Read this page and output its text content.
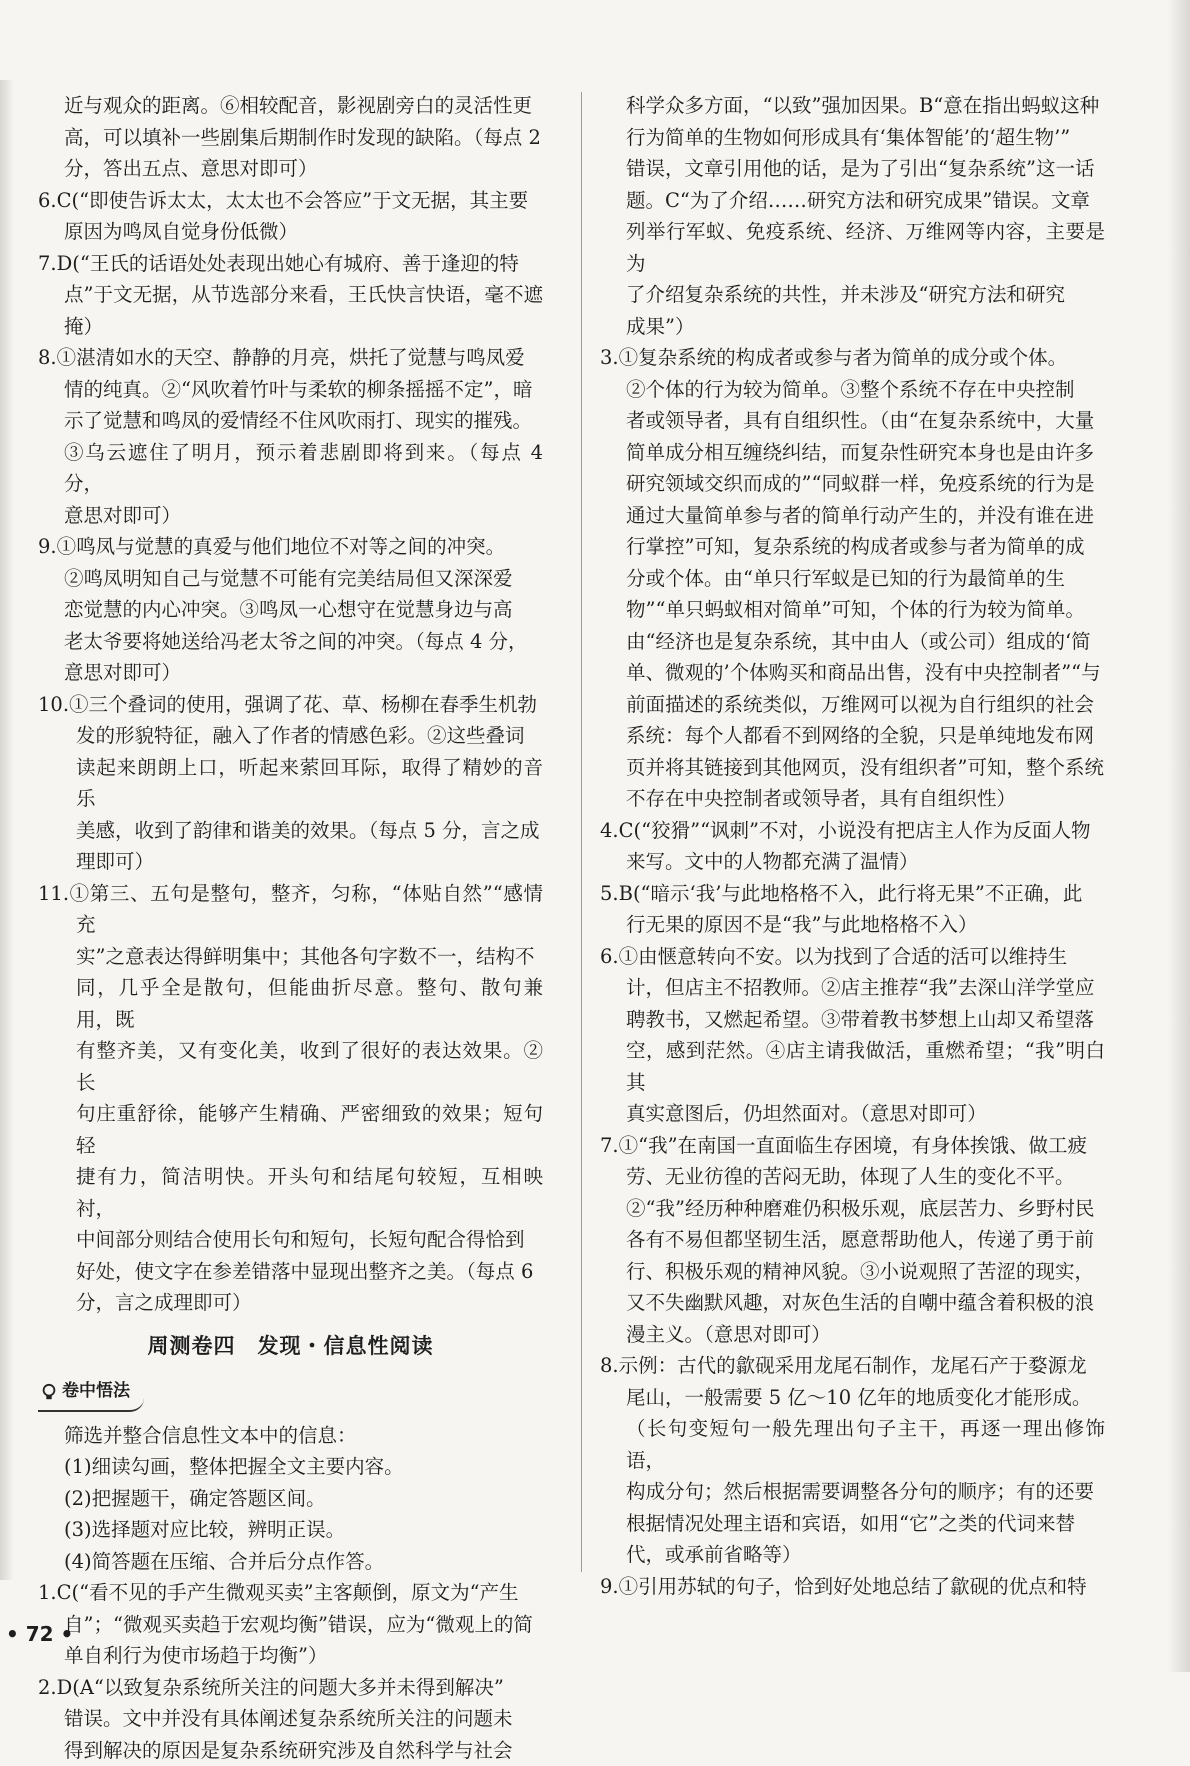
近与观众的距离。⑥相较配音，影视剧旁白的灵活性更

高，可以填补一些剧集后期制作时发现的缺陷。（每点 2

分，答出五点、意思对即可）

6.C(“即使告诉太太，太太也不会答应”于文无据，其主要

原因为鸣凤自觉身份低微）

7.D(“王氏的话语处处表现出她心有城府、善于逢迎的特

点”于文无据，从节选部分来看，王氏快言快语，毫不遮掩）

8.①湛清如水的天空、静静的月亮，烘托了觉慧与鸣凤爱

情的纯真。②“风吹着竹叶与柔软的柳条摇摇不定”，暗

示了觉慧和鸣凤的爱情经不住风吹雨打、现实的摧残。

③乌云遮住了明月，预示着悲剧即将到来。（每点 4 分，

意思对即可）

9.①鸣凤与觉慧的真爱与他们地位不对等之间的冲突。

②鸣凤明知自己与觉慧不可能有完美结局但又深深爱

恋觉慧的内心冲突。③鸣凤一心想守在觉慧身边与高

老太爷要将她送给冯老太爷之间的冲突。（每点 4 分，

意思对即可）

10.①三个叠词的使用，强调了花、草、杨柳在春季生机勃

发的形貌特征，融入了作者的情感色彩。②这些叠词

读起来朗朗上口，听起来萦回耳际，取得了精妙的音乐

美感，收到了韵律和谐美的效果。（每点 5 分，言之成

理即可）

11.①第三、五句是整句，整齐，匀称，“体贴自然”“感情充

实”之意表达得鲜明集中；其他各句字数不一，结构不

同，几乎全是散句，但能曲折尽意。整句、散句兼用，既

有整齐美，又有变化美，收到了很好的表达效果。②长

句庄重舒徐，能够产生精确、严密细致的效果；短句轻

捷有力，简洁明快。开头句和结尾句较短，互相映衬，

中间部分则结合使用长句和短句，长短句配合得恰到

好处，使文字在参差错落中显现出整齐之美。（每点 6

分，言之成理即可）

周测卷四　发现・信息性阅读
卷中悟法

筛选并整合信息性文本中的信息：

(1)细读勾画，整体把握全文主要内容。

(2)把握题干，确定答题区间。

(3)选择题对应比较，辨明正误。

(4)简答题在压缩、合并后分点作答。

1.C(“看不见的手产生微观买卖”主客颠倒，原文为“产生

自”；“微观买卖趋于宏观均衡”错误，应为“微观上的简

单自利行为使市场趋于均衡”）

2.D(A“以致复杂系统所关注的问题大多并未得到解决”

错误。文中并没有具体阐述复杂系统所关注的问题未

得到解决的原因是复杂系统研究涉及自然科学与社会

科学众多方面，“以致”强加因果。B“意在指出蚂蚁这种

行为简单的生物如何形成具有‘集体智能’的‘超生物’”

错误，文章引用他的话，是为了引出“复杂系统”这一话

题。C“为了介绍……研究方法和研究成果”错误。文章

列举行军蚁、免疫系统、经济、万维网等内容，主要是为

了介绍复杂系统的共性，并未涉及“研究方法和研究

成果”）

3.①复杂系统的构成者或参与者为简单的成分或个体。

②个体的行为较为简单。③整个系统不存在中央控制

者或领导者，具有自组织性。（由“在复杂系统中，大量

简单成分相互缠绕纠结，而复杂性研究本身也是由许多

研究领域交织而成的”“同蚁群一样，免疫系统的行为是

通过大量简单参与者的简单行动产生的，并没有谁在进

行掌控”可知，复杂系统的构成者或参与者为简单的成

分或个体。由“单只行军蚁是已知的行为最简单的生

物”“单只蚂蚁相对简单”可知，个体的行为较为简单。

由“经济也是复杂系统，其中由人（或公司）组成的‘简

单、微观的’个体购买和商品出售，没有中央控制者”“与

前面描述的系统类似，万维网可以视为自行组织的社会

系统：每个人都看不到网络的全貌，只是单纯地发布网

页并将其链接到其他网页，没有组织者”可知，整个系统

不存在中央控制者或领导者，具有自组织性）

4.C(“狡猾”“讽刺”不对，小说没有把店主人作为反面人物

来写。文中的人物都充满了温情）

5.B(“暗示‘我’与此地格格不入，此行将无果”不正确，此

行无果的原因不是“我”与此地格格不入）

6.①由惬意转向不安。以为找到了合适的活可以维持生

计，但店主不招教师。②店主推荐“我”去深山洋学堂应

聘教书，又燃起希望。③带着教书梦想上山却又希望落

空，感到茫然。④店主请我做活，重燃希望；“我”明白其

真实意图后，仍坦然面对。（意思对即可）

7.①“我”在南国一直面临生存困境，有身体挨饿、做工疲

劳、无业彷徨的苦闷无助，体现了人生的变化不平。

②“我”经历种种磨难仍积极乐观，底层苦力、乡野村民

各有不易但都坚韧生活，愿意帮助他人，传递了勇于前

行、积极乐观的精神风貌。③小说观照了苦涩的现实，

又不失幽默风趣，对灰色生活的自嘲中蕴含着积极的浪

漫主义。（意思对即可）

8.示例：古代的歙砚采用龙尾石制作，龙尾石产于婺源龙

尾山，一般需要 5 亿～10 亿年的地质变化才能形成。

（长句变短句一般先理出句子主干，再逐一理出修饰语，

构成分句；然后根据需要调整各分句的顺序；有的还要

根据情况处理主语和宾语，如用“它”之类的代词来替

代，或承前省略等）

9.①引用苏轼的句子，恰到好处地总结了歙砚的优点和特

• 72 •
